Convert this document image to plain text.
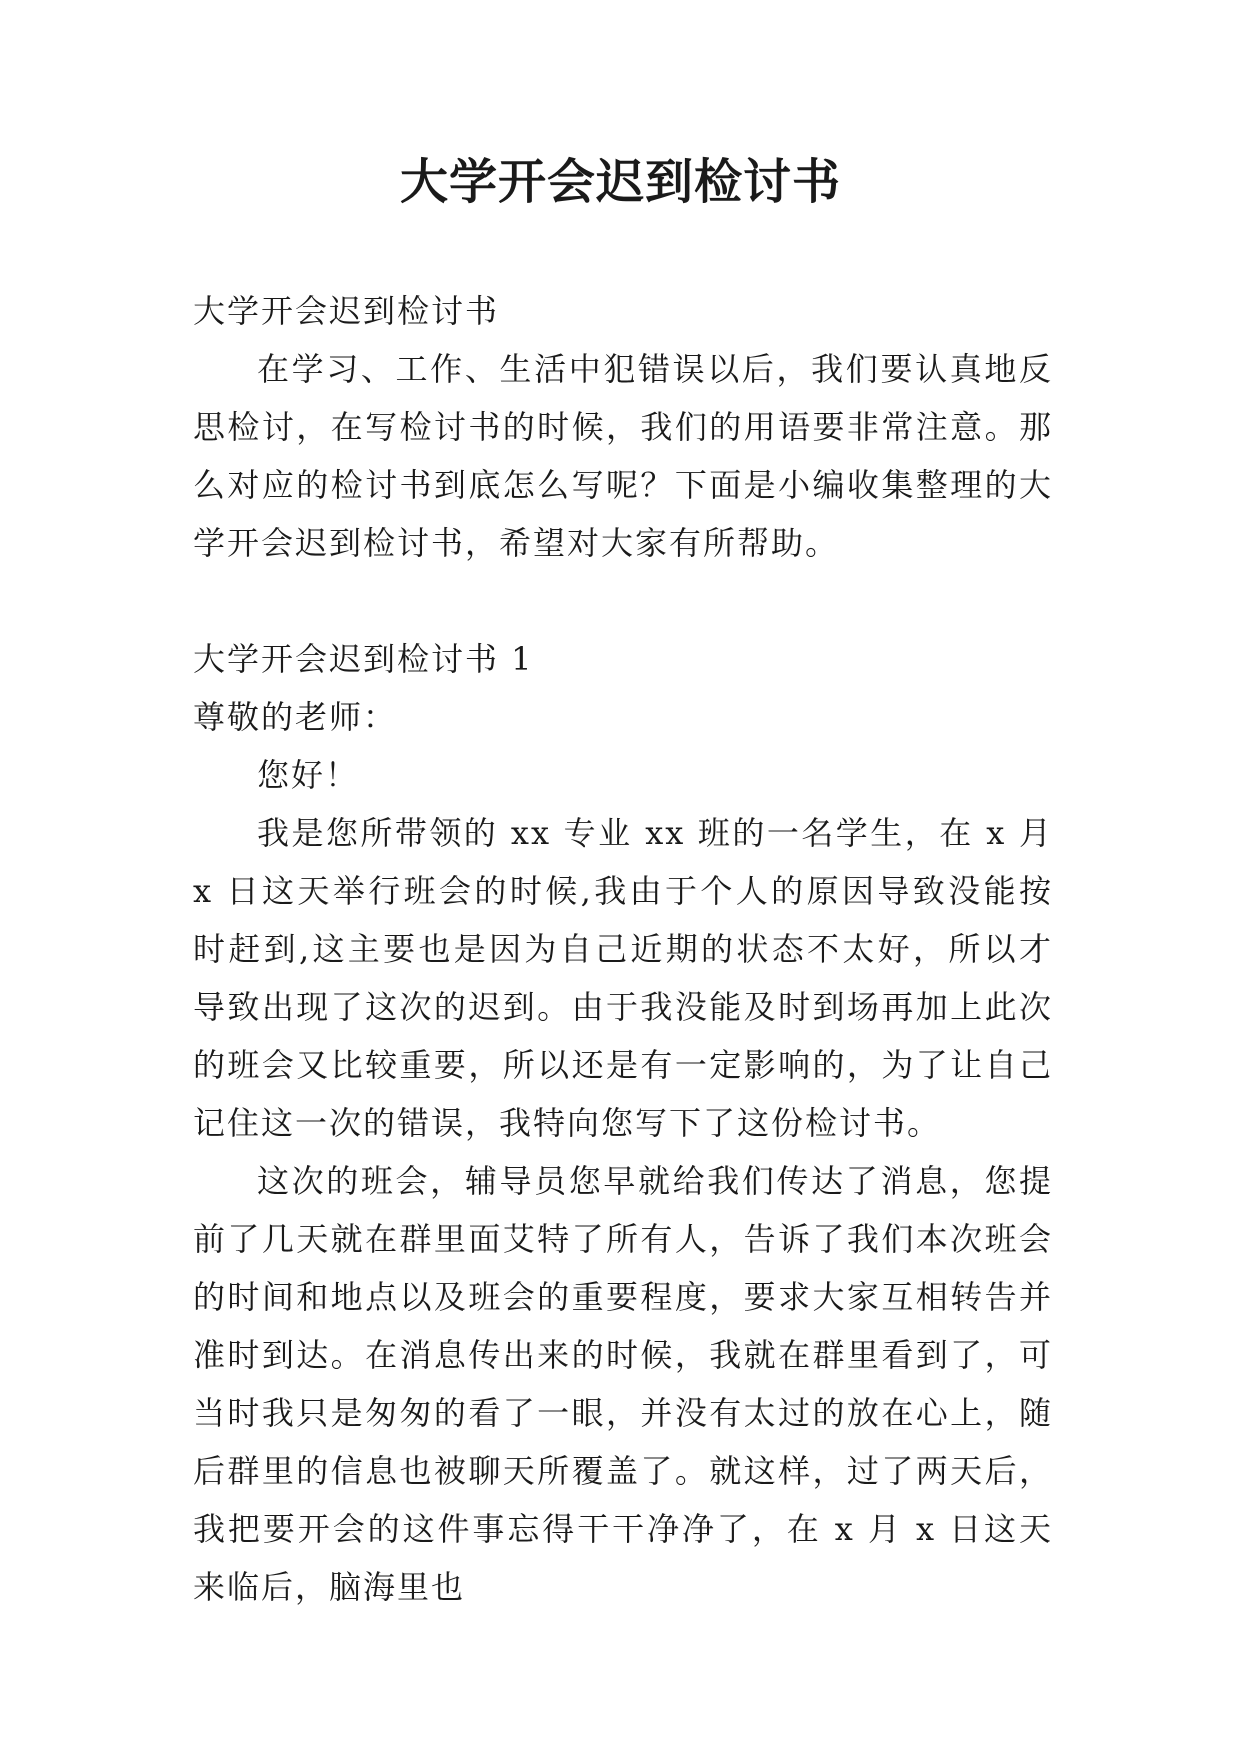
大学开会迟到检讨书

大学开会迟到检讨书

在学习、工作、生活中犯错误以后，我们要认真地反思检讨，在写检讨书的时候，我们的用语要非常注意。那么对应的检讨书到底怎么写呢？下面是小编收集整理的大学开会迟到检讨书，希望对大家有所帮助。

大学开会迟到检讨书 1

尊敬的老师：

您好！

我是您所带领的 xx 专业 xx 班的一名学生，在 x 月 x 日这天举行班会的时候,我由于个人的原因导致没能按时赶到,这主要也是因为自己近期的状态不太好，所以才导致出现了这次的迟到。由于我没能及时到场再加上此次的班会又比较重要，所以还是有一定影响的，为了让自己记住这一次的错误，我特向您写下了这份检讨书。

这次的班会，辅导员您早就给我们传达了消息，您提前了几天就在群里面艾特了所有人，告诉了我们本次班会的时间和地点以及班会的重要程度，要求大家互相转告并准时到达。在消息传出来的时候，我就在群里看到了，可当时我只是匆匆的看了一眼，并没有太过的放在心上，随后群里的信息也被聊天所覆盖了。就这样，过了两天后，我把要开会的这件事忘得干干净净了，在 x 月 x 日这天来临后，脑海里也
